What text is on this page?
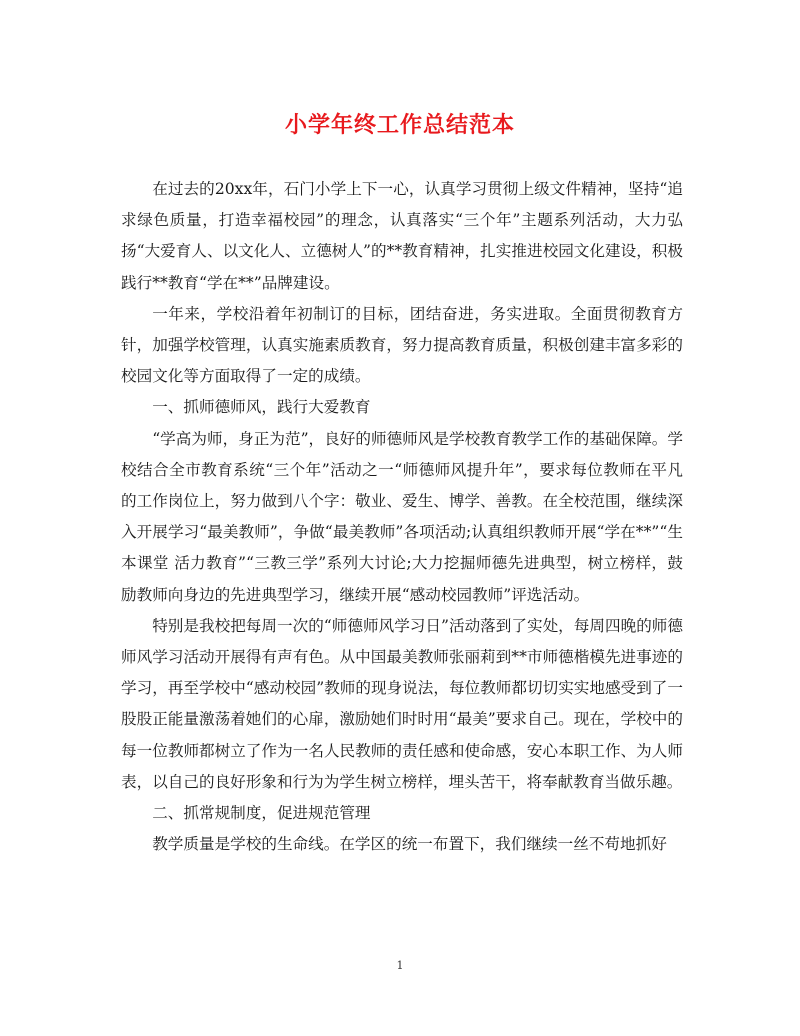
小学年终工作总结范本

在过去的20xx年，石门小学上下一心，认真学习贯彻上级文件精神，坚持“追求绿色质量，打造幸福校园”的理念，认真落实“三个年”主题系列活动，大力弘扬“大爱育人、以文化人、立德树人”的**教育精神，扎实推进校园文化建设，积极践行**教育“学在**”品牌建设。

一年来，学校沿着年初制订的目标，团结奋进，务实进取。全面贯彻教育方针，加强学校管理，认真实施素质教育，努力提高教育质量，积极创建丰富多彩的校园文化等方面取得了一定的成绩。

一、抓师德师风，践行大爱教育

“学高为师，身正为范”，良好的师德师风是学校教育教学工作的基础保障。学校结合全市教育系统“三个年”活动之一“师德师风提升年”，要求每位教师在平凡的工作岗位上，努力做到八个字：敬业、爱生、博学、善教。在全校范围，继续深入开展学习“最美教师”，争做“最美教师”各项活动;认真组织教师开展“学在**”“生本课堂 活力教育”“三教三学”系列大讨论;大力挖掘师德先进典型，树立榜样，鼓励教师向身边的先进典型学习，继续开展“感动校园教师”评选活动。

特别是我校把每周一次的“师德师风学习日”活动落到了实处，每周四晚的师德师风学习活动开展得有声有色。从中国最美教师张丽莉到**市师德楷模先进事迹的学习，再至学校中“感动校园”教师的现身说法，每位教师都切切实实地感受到了一股股正能量激荡着她们的心扉，激励她们时时用“最美”要求自己。现在，学校中的每一位教师都树立了作为一名人民教师的责任感和使命感，安心本职工作、为人师表，以自己的良好形象和行为为学生树立榜样，埋头苦干，将奉献教育当做乐趣。

二、抓常规制度，促进规范管理

教学质量是学校的生命线。在学区的统一布置下，我们继续一丝不苟地抓好

1
